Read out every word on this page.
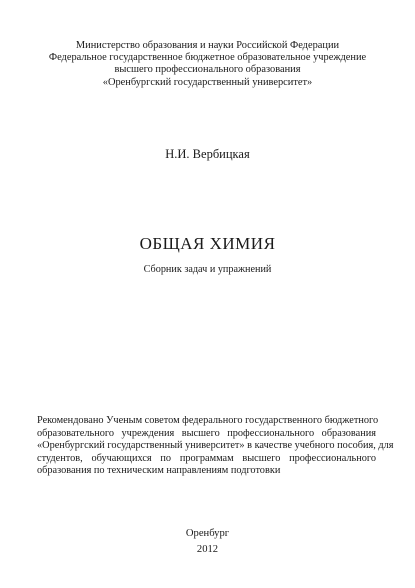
Министерство образования и науки Российской Федерации
Федеральное государственное бюджетное образовательное учреждение
высшего профессионального образования
«Оренбургский государственный университет»
Н.И. Вербицкая
ОБЩАЯ ХИМИЯ
Сборник задач и упражнений
Рекомендовано Ученым советом федерального государственного бюджетного
образовательного учреждения высшего профессионального образования
«Оренбургский государственный университет» в качестве учебного пособия, для
студентов, обучающихся по программам высшего профессионального
образования по техническим направлениям подготовки
Оренбург
2012
